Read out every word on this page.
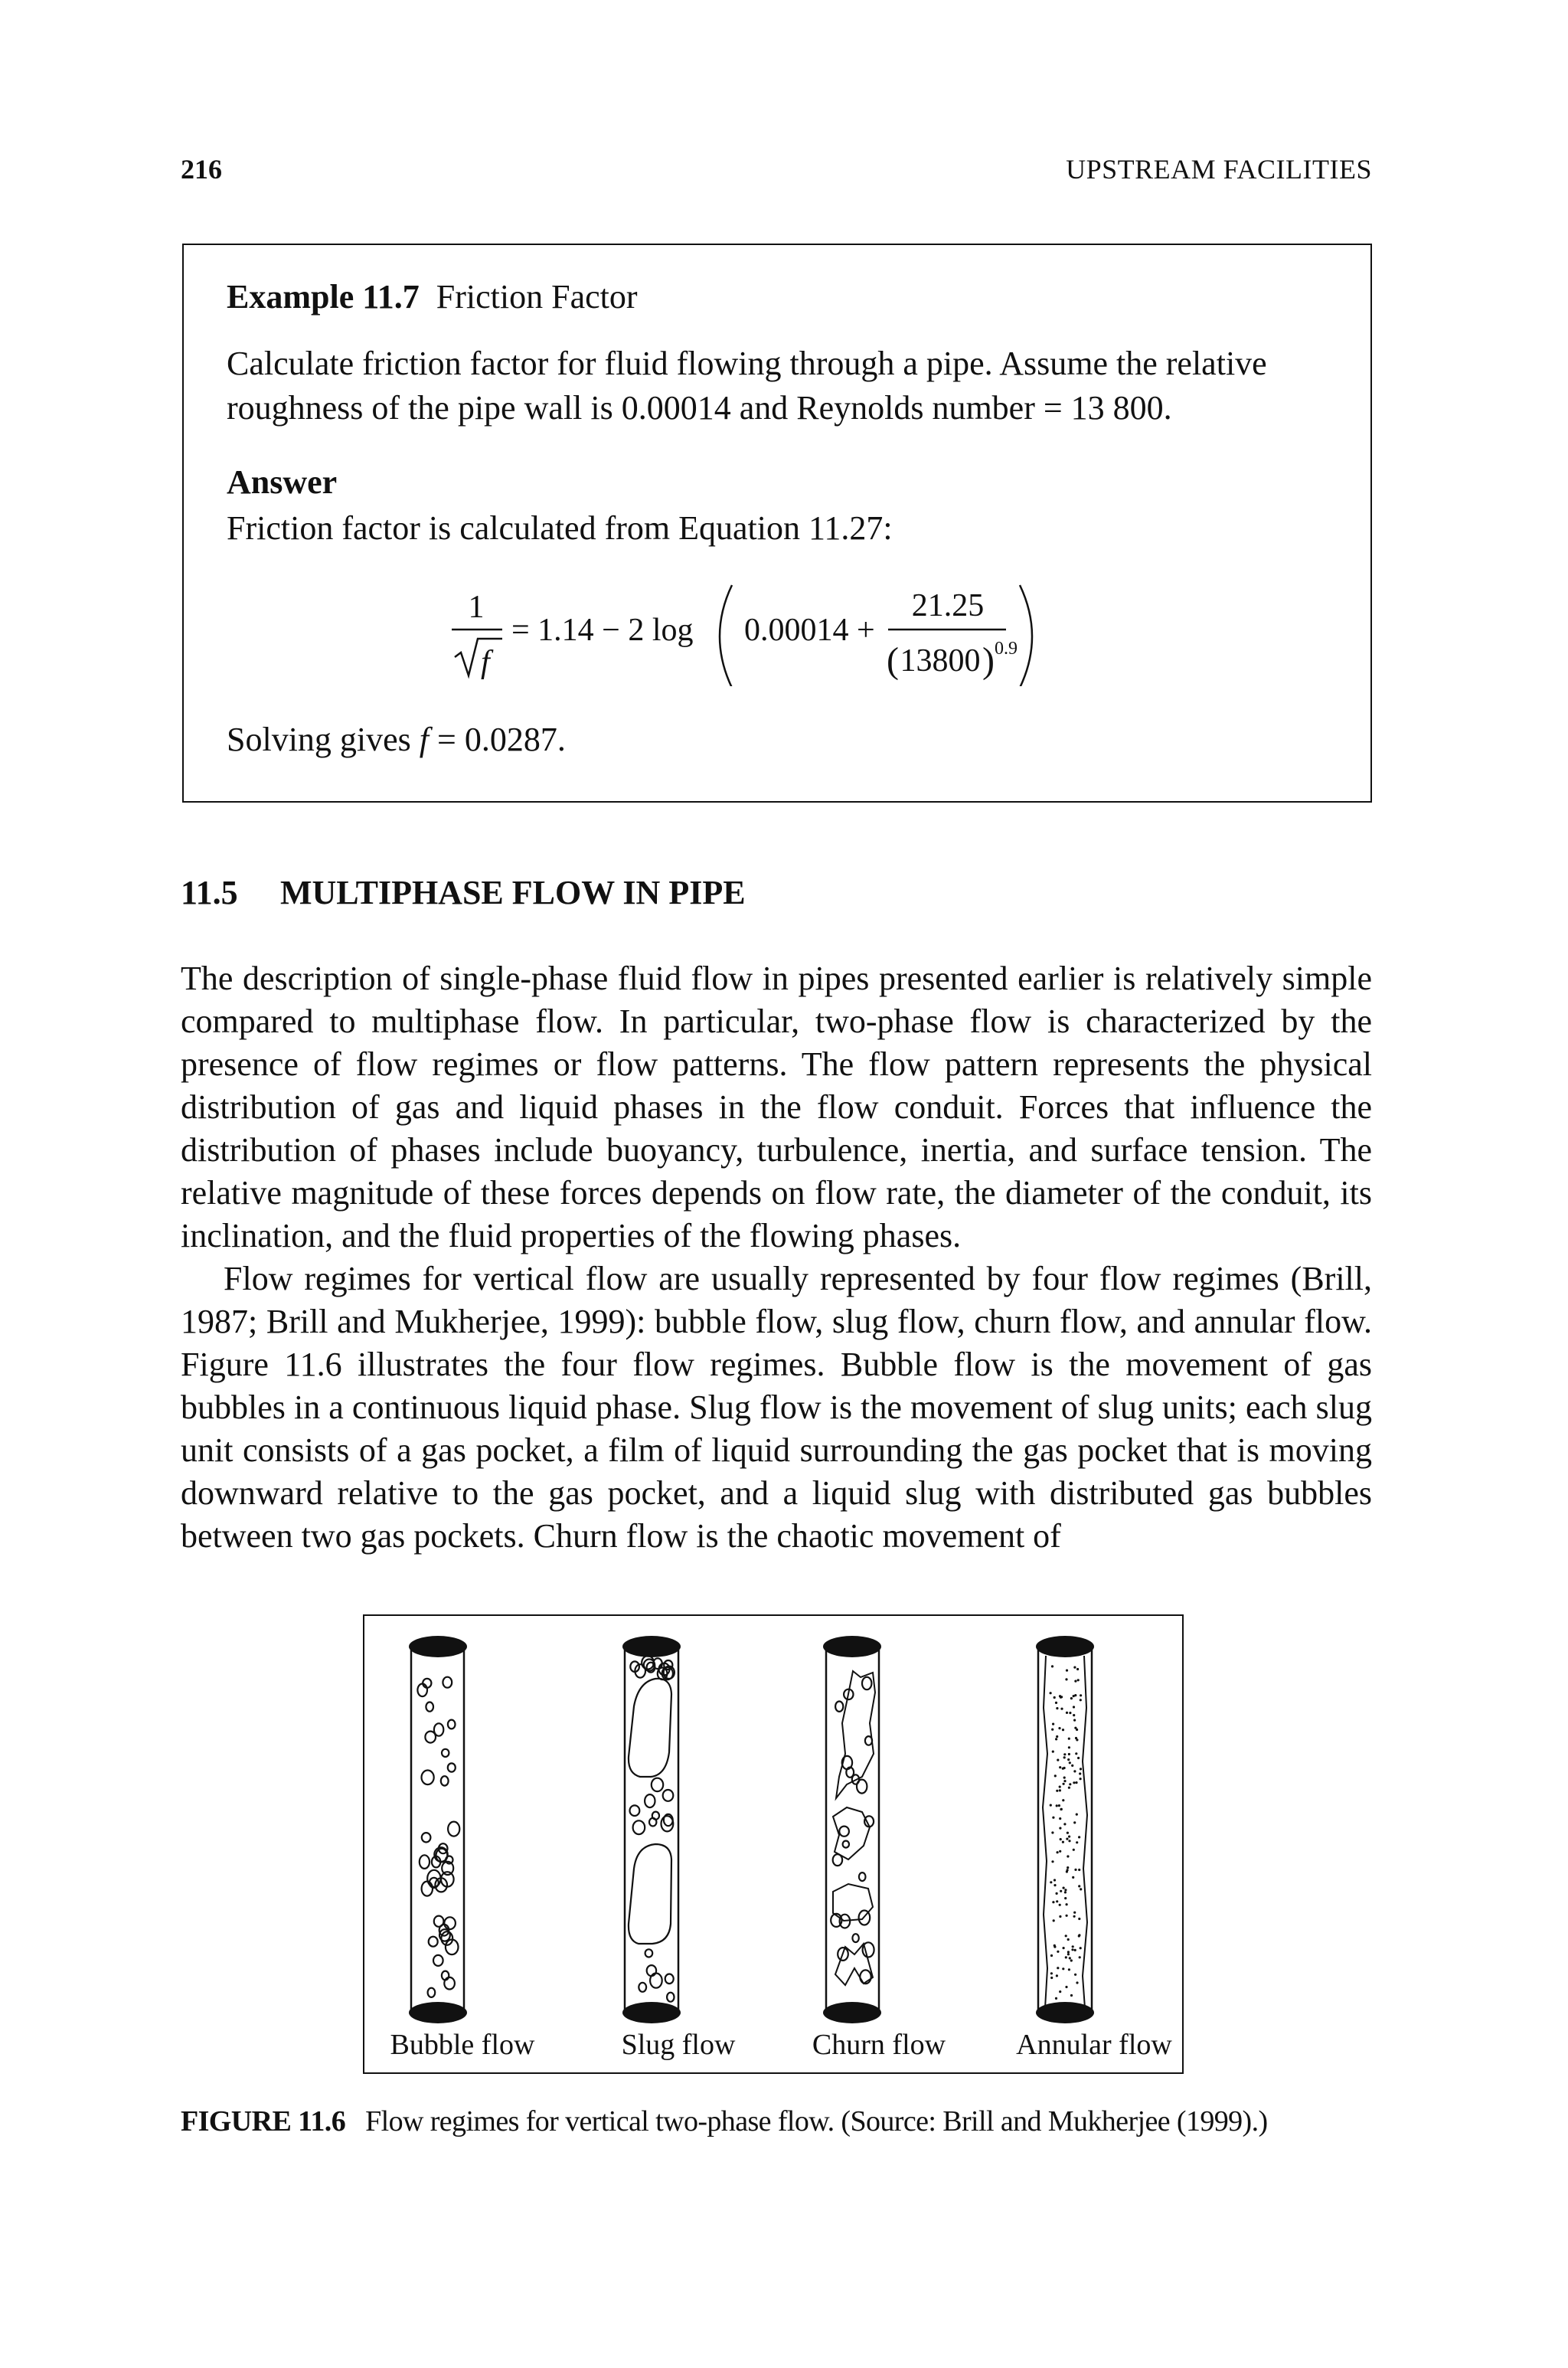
216	UPSTREAM FACILITIES
Example 11.7 Friction Factor

Calculate friction factor for fluid flowing through a pipe. Assume the relative roughness of the pipe wall is 0.00014 and Reynolds number = 13 800.

Answer
Friction factor is calculated from Equation 11.27:
1
f
= 1.14 − 2 log 0.00014 +
21.25
( 13800 ) 0.9
Solving gives f = 0.0287.
11.5 MULTIPHASE FLOW IN PIPE

The description of single-phase fluid flow in pipes presented earlier is relatively simple compared to multiphase flow. In particular, two-phase flow is characterized by the presence of flow regimes or flow patterns. The flow pattern represents the physical distribution of gas and liquid phases in the flow conduit. Forces that influence the distribution of phases include buoyancy, turbulence, inertia, and surface tension. The relative magnitude of these forces depends on flow rate, the diameter of the conduit, its inclination, and the fluid properties of the flowing phases.

Flow regimes for vertical flow are usually represented by four flow regimes (Brill, 1987; Brill and Mukherjee, 1999): bubble flow, slug flow, churn flow, and annular flow. Figure 11.6 illustrates the four flow regimes. Bubble flow is the movement of gas bubbles in a continuous liquid phase. Slug flow is the movement of slug units; each slug unit consists of a gas pocket, a film of liquid surrounding the gas pocket that is moving downward relative to the gas pocket, and a liquid slug with distributed gas bubbles between two gas pockets. Churn flow is the chaotic movement of

Bubble flow	Slug flow	Churn flow Annular flow
FIGURE 11.6 Flow regimes for vertical two-phase flow. (Source: Brill and Mukherjee (1999).)
